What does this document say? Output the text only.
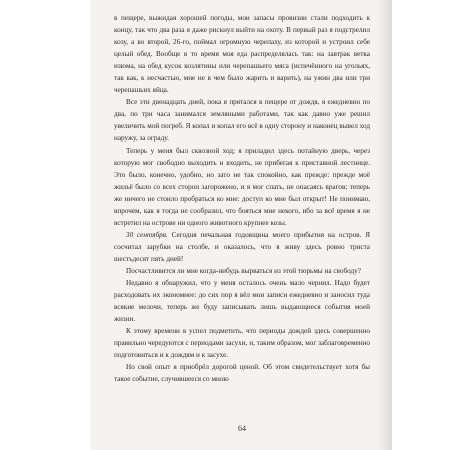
в пещере, выжидая хорошей погоды, мои запасы провизии стали подходить к концу, так что два раза я даже рискнул выйти на охоту. В первый раз я подстрелил козу, а во второй, 26-го, поймал огромную черепаху, из которой и устроил себе целый обед. Вообще в то время моя еда распределялась так: на завтрак ветка изюма, на обед кусок козлятины или черепашьего мяса (испечённого на угольях, так как, к несчастью, мне не в чем было жарить и варить), на ужин два или три черепашьих яйца.

Все эти двенадцать дней, пока я прятался в пещере от дождя, я ежедневно по два, по три часа занимался земляными работами, так как давно уже решил увеличить мой погреб. Я копал и копал его всё в одну сторону и наконец вывел ход наружу, за ограду.

Теперь у меня был сквозной ход; я приладил здесь потайную дверь, через которую мог свободно выходить и входить, не прибегая к приставной лестнице. Это было, конечно, удобно, но зато не так спокойно, как прежде: прежде моё жильё было со всех сторон загорожено, и я мог спать, не опасаясь врагов; теперь же ничего не стоило пробраться ко мне: доступ ко мне был открыт! Не понимаю, впрочем, как я тогда не сообразил, что бояться мне некого, ибо за всё время я не встретил на острове ни одного животного крупнее козы.

30 сентября. Сегодня печальная годовщина моего прибытия на остров. Я сосчитал зарубки на столбе, и оказалось, что я живу здесь ровно триста шестьдесят пять дней!

Посчастливится ли мне когда-нибудь вырваться из этой тюрьмы на свободу?

Недавно я обнаружил, что у меня осталось очень мало чернил. Надо будет расходовать их экономнее: до сих пор я вёл мои записи ежедневно и заносил туда всякие мелочи, теперь же буду записывать лишь выдающиеся события моей жизни.

К этому времени я успел подметить, что периоды дождей здесь совершенно правильно чередуются с периодами засухи, и, таким образом, мог заблаговременно подготовиться и к дождям и к засухе.

Но свой опыт я приобрёл дорогой ценой. Об этом свидетельствует хотя бы такое событие, случившееся со мною

64
